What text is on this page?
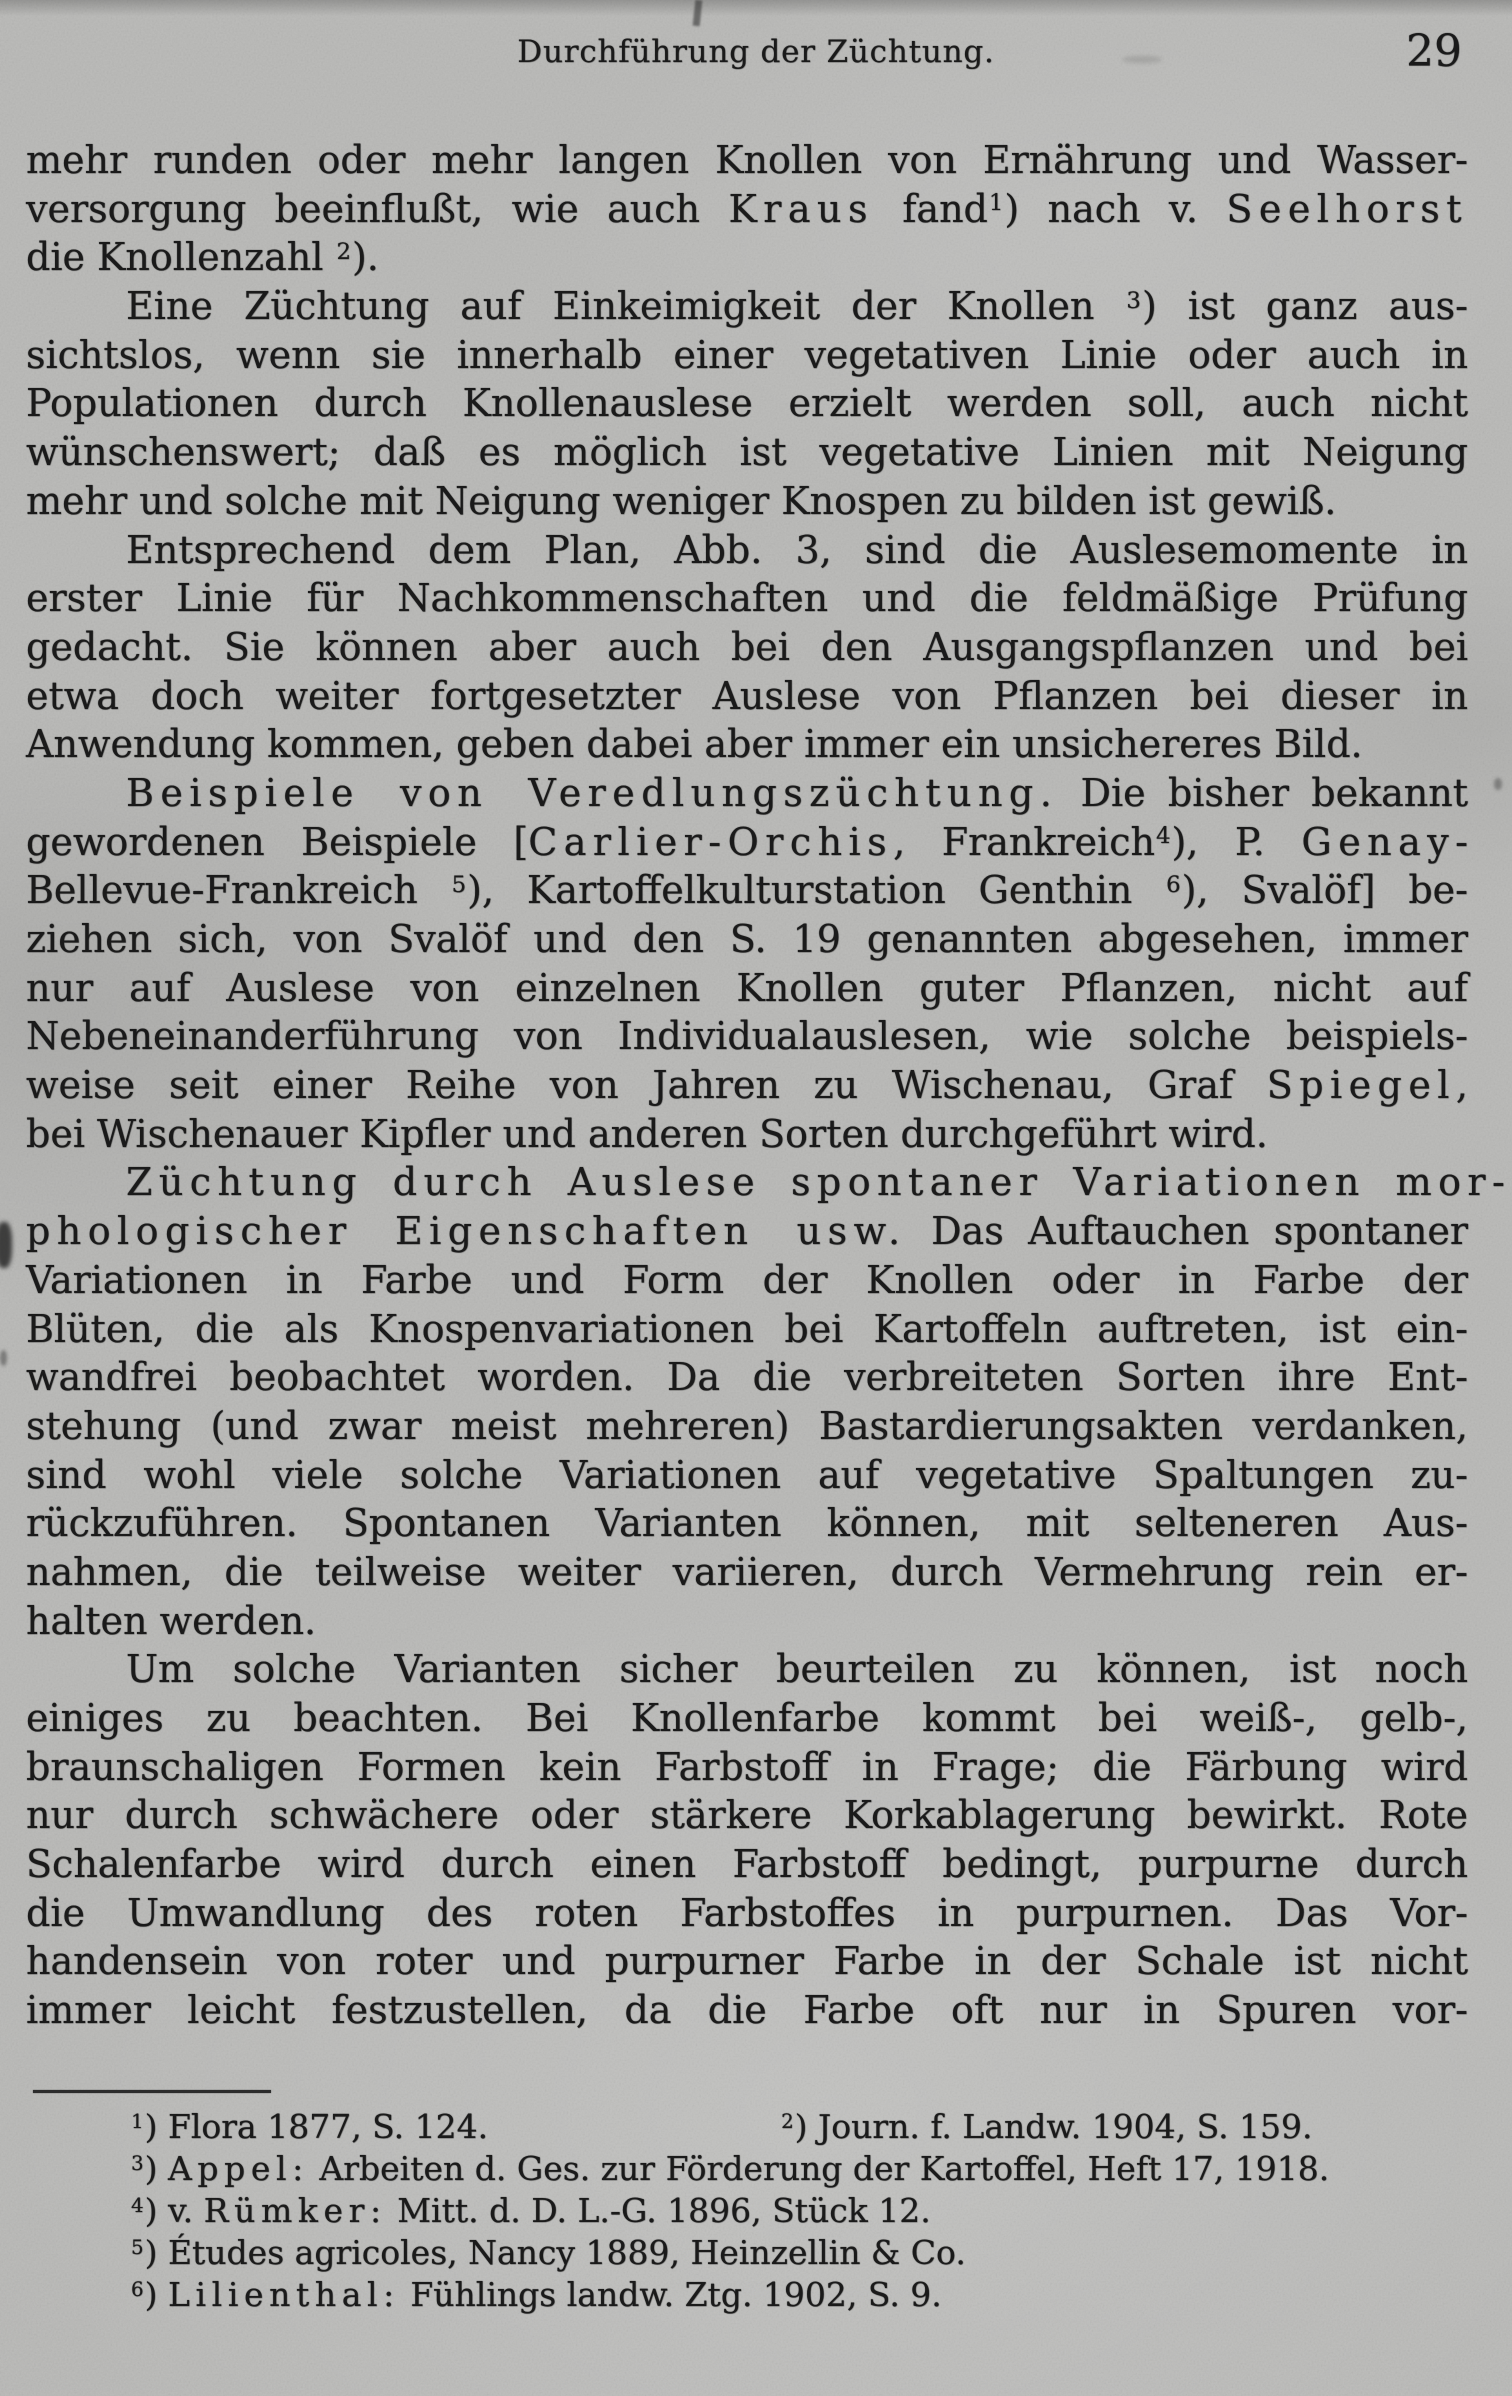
Durchführung der Züchtung.	29
mehr runden oder mehr langen Knollen von Ernährung und Wasser-
versorgung beeinflußt, wie auch Kraus fand$^1$) nach v. Seelhorst
die Knollenzahl $^2$).
Eine Züchtung auf Einkeimigkeit der Knollen $^3$) ist ganz aus-
sichtslos, wenn sie innerhalb einer vegetativen Linie oder auch in
Populationen durch Knollenauslese erzielt werden soll, auch nicht
wünschenswert; daß es möglich ist vegetative Linien mit Neigung
mehr und solche mit Neigung weniger Knospen zu bilden ist gewiß.
Entsprechend dem Plan, Abb. 3, sind die Auslesemomente in
erster Linie für Nachkommenschaften und die feldmäßige Prüfung
gedacht. Sie können aber auch bei den Ausgangspflanzen und bei
etwa doch weiter fortgesetzter Auslese von Pflanzen bei dieser in
Anwendung kommen, geben dabei aber immer ein unsichereres Bild.
Beispiele von Veredlungszüchtung. Die bisher bekannt
gewordenen Beispiele [Carlier-Orchis, Frankreich$^4$), P. Genay-
Bellevue-Frankreich $^5$), Kartoffelkulturstation Genthin $^6$), Svalöf] be-
ziehen sich, von Svalöf und den S. 19 genannten abgesehen, immer
nur auf Auslese von einzelnen Knollen guter Pflanzen, nicht auf
Nebeneinanderführung von Individualauslesen, wie solche beispiels-
weise seit einer Reihe von Jahren zu Wischenau, Graf Spiegel,
bei Wischenauer Kipfler und anderen Sorten durchgeführt wird.
Züchtung durch Auslese spontaner Variationen mor-
phologischer Eigenschaften usw. Das Auftauchen spontaner
Variationen in Farbe und Form der Knollen oder in Farbe der
Blüten, die als Knospenvariationen bei Kartoffeln auftreten, ist ein-
wandfrei beobachtet worden. Da die verbreiteten Sorten ihre Ent-
stehung (und zwar meist mehreren) Bastardierungsakten verdanken,
sind wohl viele solche Variationen auf vegetative Spaltungen zu-
rückzuführen. Spontanen Varianten können, mit selteneren Aus-
nahmen, die teilweise weiter variieren, durch Vermehrung rein er-
halten werden.
Um solche Varianten sicher beurteilen zu können, ist noch
einiges zu beachten. Bei Knollenfarbe kommt bei weiß-, gelb-,
braunschaligen Formen kein Farbstoff in Frage; die Färbung wird
nur durch schwächere oder stärkere Korkablagerung bewirkt. Rote
Schalenfarbe wird durch einen Farbstoff bedingt, purpurne durch
die Umwandlung des roten Farbstoffes in purpurnen. Das Vor-
handensein von roter und purpurner Farbe in der Schale ist nicht
immer leicht festzustellen, da die Farbe oft nur in Spuren vor-
$^1$) Flora 1877, S. 124.	$^2$) Journ. f. Landw. 1904, S. 159.
$^3$) Appel: Arbeiten d. Ges. zur Förderung der Kartoffel, Heft 17, 1918.
$^4$) v. Rümker: Mitt. d. D. L.-G. 1896, Stück 12.
$^5$) Études agricoles, Nancy 1889, Heinzellin & Co.
$^6$) Lilienthal: Fühlings landw. Ztg. 1902, S. 9.
